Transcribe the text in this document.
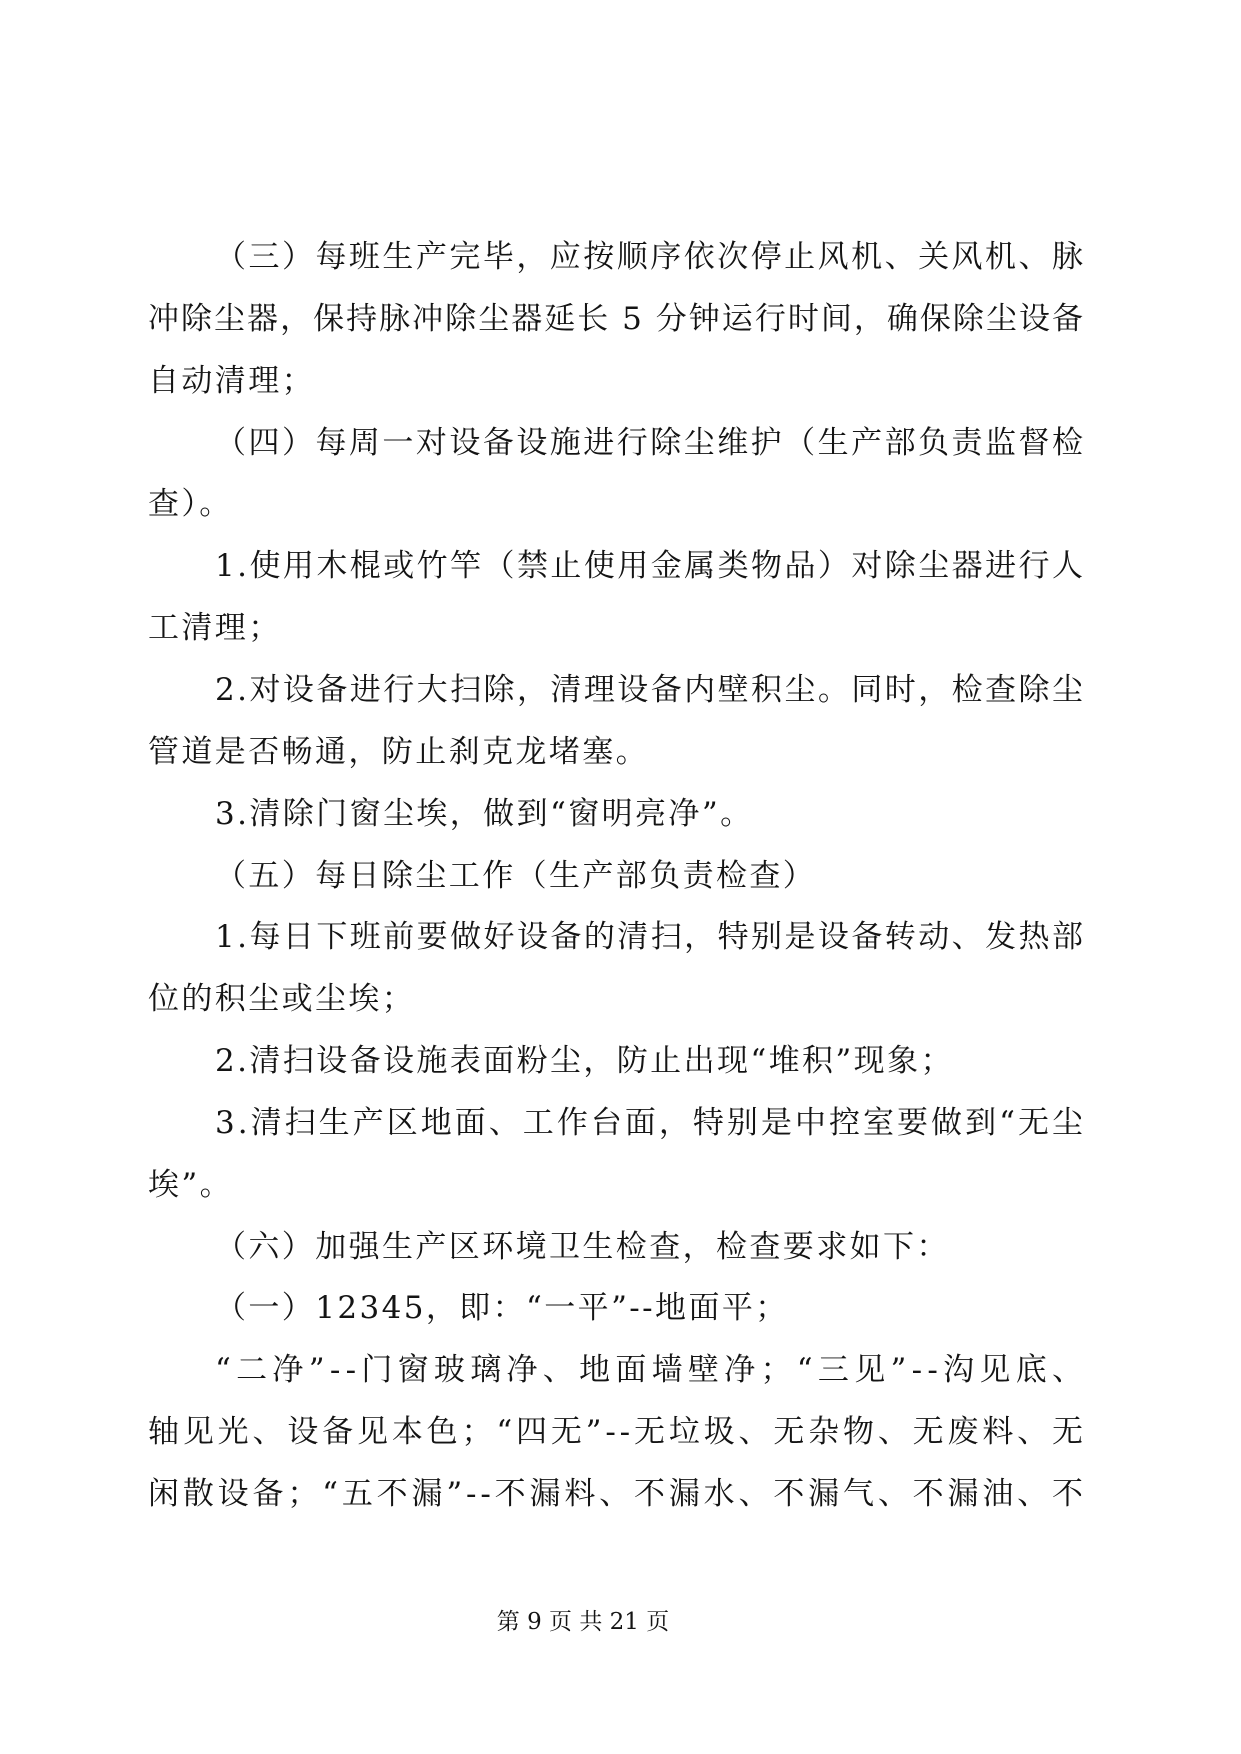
（三）每班生产完毕，应按顺序依次停止风机、关风机、脉
冲除尘器，保持脉冲除尘器延长 5 分钟运行时间，确保除尘设备
自动清理；
（四）每周一对设备设施进行除尘维护（生产部负责监督检
查）。
1.使用木棍或竹竿（禁止使用金属类物品）对除尘器进行人
工清理；
2.对设备进行大扫除，清理设备内壁积尘。同时，检查除尘
管道是否畅通，防止刹克龙堵塞。
3.清除门窗尘埃，做到“窗明亮净”。
（五）每日除尘工作（生产部负责检查）
1.每日下班前要做好设备的清扫，特别是设备转动、发热部
位的积尘或尘埃；
2.清扫设备设施表面粉尘，防止出现“堆积”现象；
3.清扫生产区地面、工作台面，特别是中控室要做到“无尘
埃”。
（六）加强生产区环境卫生检查，检查要求如下：
（一）12345，即：“一平”--地面平；
“二净”--门窗玻璃净、地面墙壁净；“三见”--沟见底、
轴见光、设备见本色；“四无”--无垃圾、无杂物、无废料、无
闲散设备；“五不漏”--不漏料、不漏水、不漏气、不漏油、不
第 9 页 共 21 页
